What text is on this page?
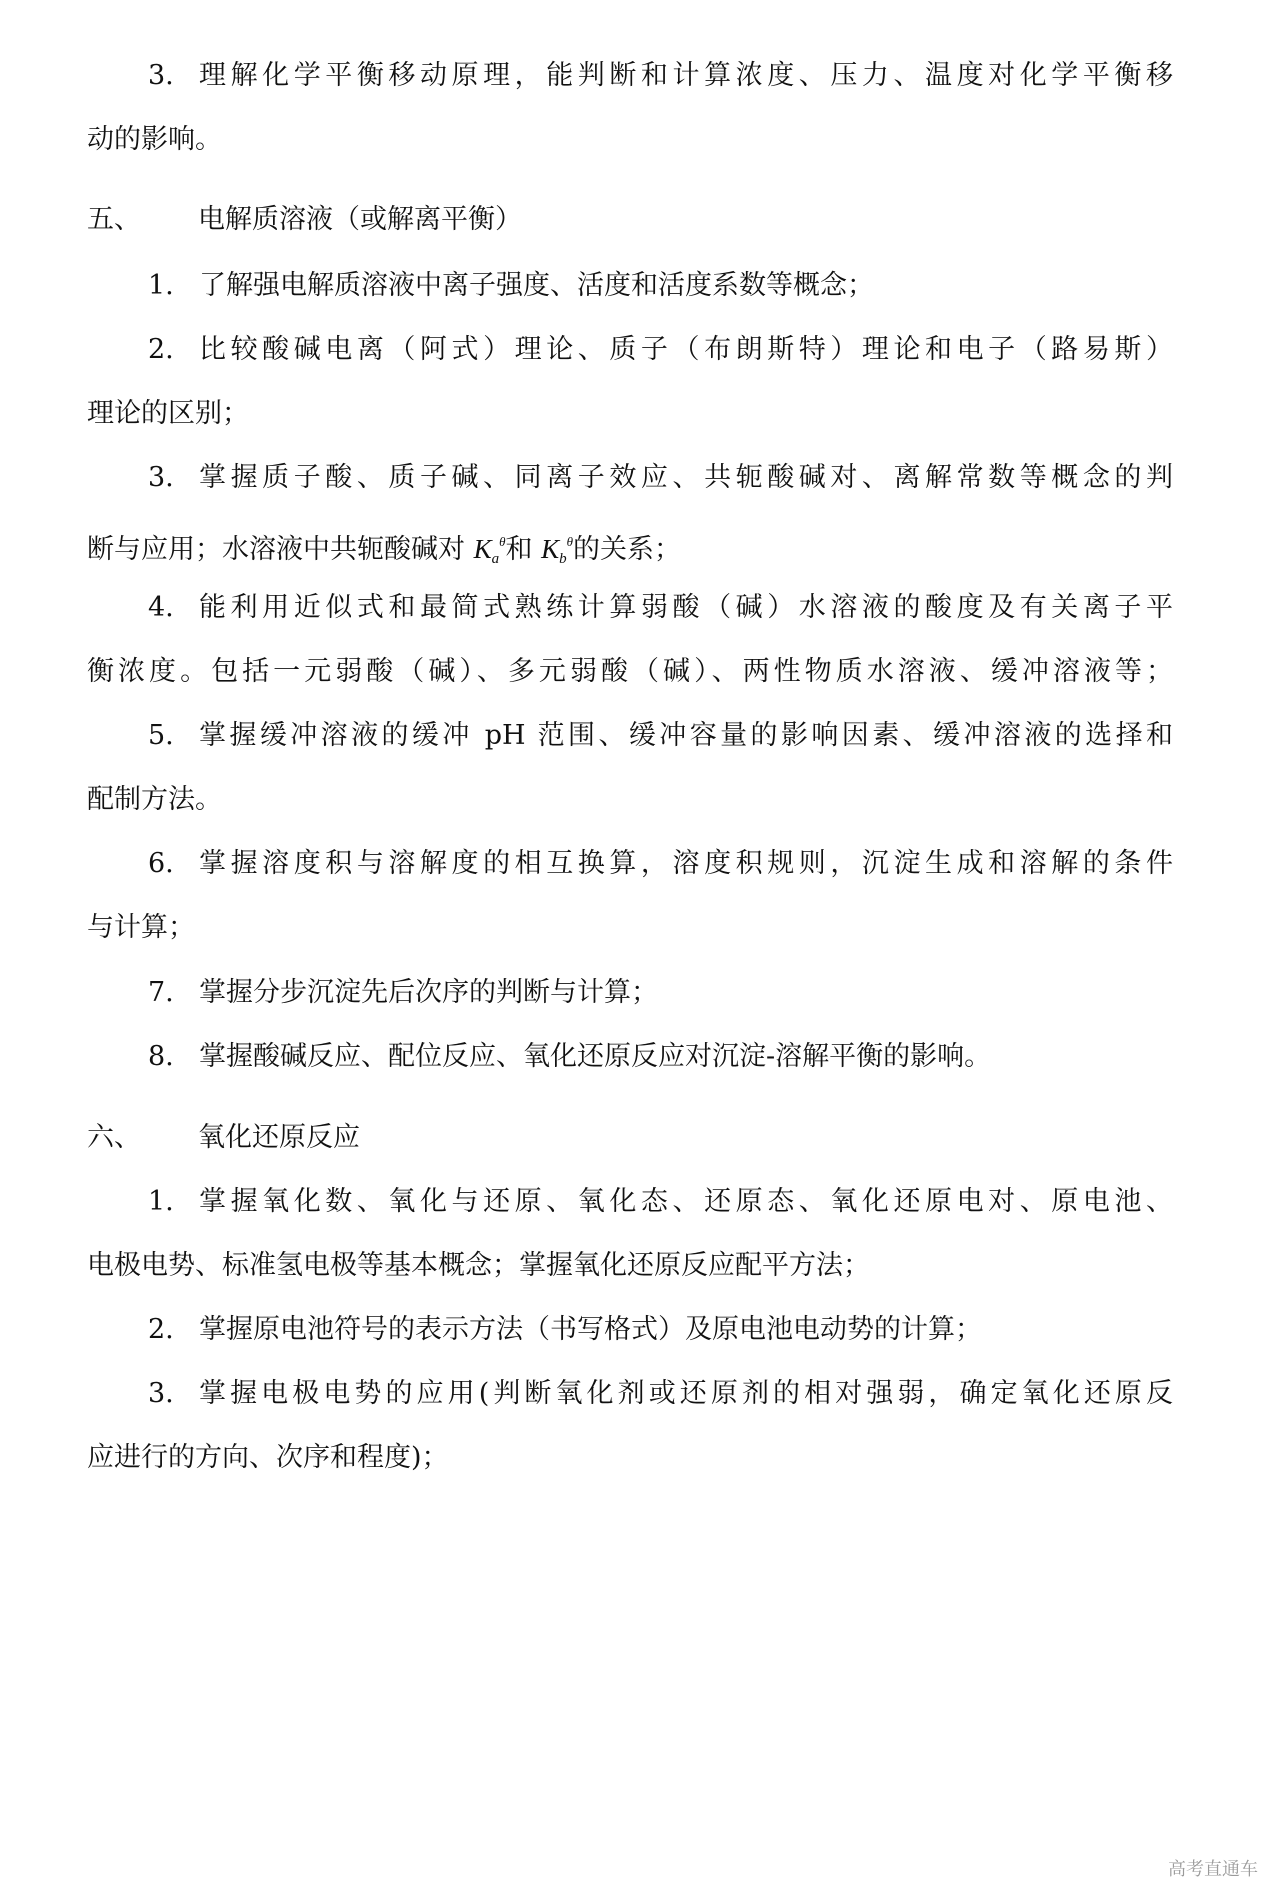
3. 理解化学平衡移动原理，能判断和计算浓度、压力、温度对化学平衡移
动的影响。
五、 电解质溶液（或解离平衡）
1. 了解强电解质溶液中离子强度、活度和活度系数等概念；
2. 比较酸碱电离（阿式）理论、质子（布朗斯特）理论和电子（路易斯）
理论的区别；
3. 掌握质子酸、质子碱、同离子效应、共轭酸碱对、离解常数等概念的判
断与应用；水溶液中共轭酸碱对 $K_a^\theta$和 $K_b^\theta$的关系；
4. 能利用近似式和最简式熟练计算弱酸（碱）水溶液的酸度及有关离子平
衡浓度。包括一元弱酸（碱）、多元弱酸（碱）、两性物质水溶液、缓冲溶液等；
5. 掌握缓冲溶液的缓冲 pH 范围、缓冲容量的影响因素、缓冲溶液的选择和
配制方法。
6. 掌握溶度积与溶解度的相互换算，溶度积规则，沉淀生成和溶解的条件
与计算；
7. 掌握分步沉淀先后次序的判断与计算；
8. 掌握酸碱反应、配位反应、氧化还原反应对沉淀-溶解平衡的影响。
六、 氧化还原反应
1. 掌握氧化数、氧化与还原、氧化态、还原态、氧化还原电对、原电池、
电极电势、标准氢电极等基本概念；掌握氧化还原反应配平方法；
2. 掌握原电池符号的表示方法（书写格式）及原电池电动势的计算；
3. 掌握电极电势的应用(判断氧化剂或还原剂的相对强弱，确定氧化还原反
应进行的方向、次序和程度)；
高考直通车
